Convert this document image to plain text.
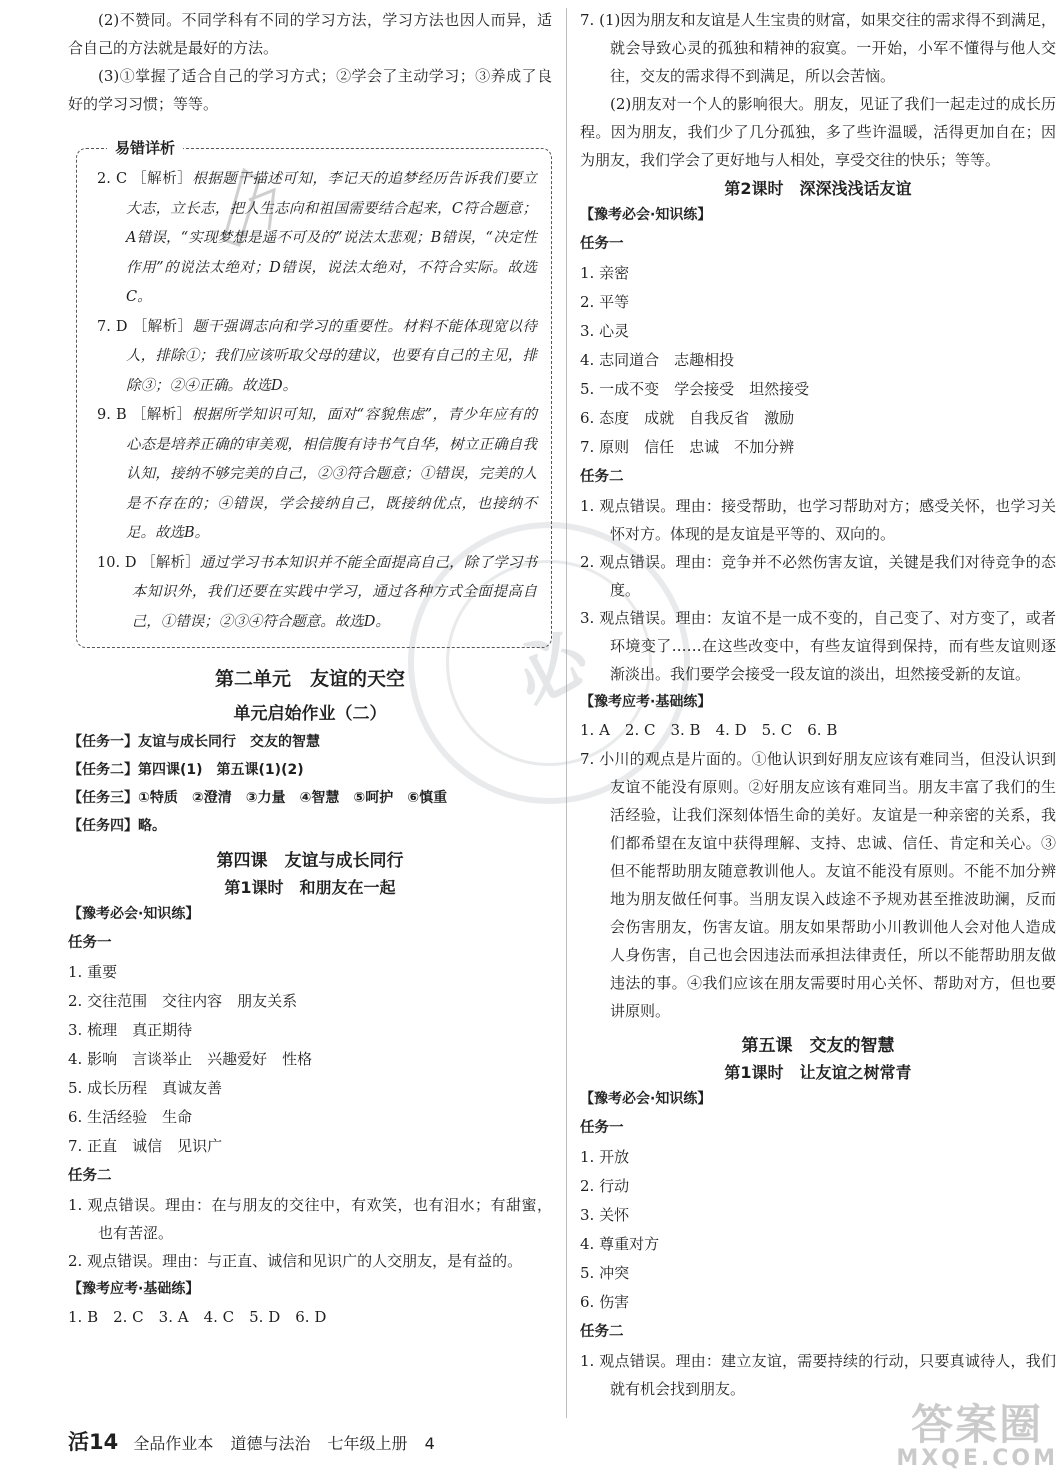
必

(2)不赞同。不同学科有不同的学习方法，学习方法也因人而异，适合自己的方法就是最好的方法。

(3)①掌握了适合自己的学习方式；②学会了主动学习；③养成了良好的学习习惯；等等。

易错详析

2. C ［解析］根据题干描述可知，李记天的追梦经历告诉我们要立大志，立长志，把人生志向和祖国需要结合起来，C符合题意；A错误，“实现梦想是遥不可及的”说法太悲观；B错误，“决定性作用”的说法太绝对；D错误，说法太绝对，不符合实际。故选C。

7. D ［解析］题干强调志向和学习的重要性。材料不能体现宽以待人，排除①；我们应该听取父母的建议，也要有自己的主见，排除③；②④正确。故选D。

9. B ［解析］根据所学知识可知，面对“容貌焦虑”，青少年应有的心态是培养正确的审美观，相信腹有诗书气自华，树立正确自我认知，接纳不够完美的自己，②③符合题意；①错误，完美的人是不存在的；④错误，学会接纳自己，既接纳优点，也接纳不足。故选B。

10. D ［解析］通过学习书本知识并不能全面提高自己，除了学习书本知识外，我们还要在实践中学习，通过各种方式全面提高自己，①错误；②③④符合题意。故选D。

第二单元　友谊的天空
单元启始作业（二）

【任务一】友谊与成长同行　交友的智慧

【任务二】第四课(1)　第五课(1)(2)

【任务三】①特质　②澄清　③力量　④智慧　⑤呵护　⑥慎重

【任务四】略。

第四课　友谊与成长同行
第1课时　和朋友在一起

【豫考必会·知识练】

任务一

1. 重要

2. 交往范围　交往内容　朋友关系

3. 梳理　真正期待

4. 影响　言谈举止　兴趣爱好　性格

5. 成长历程　真诚友善

6. 生活经验　生命

7. 正直　诚信　见识广

任务二

1. 观点错误。理由：在与朋友的交往中，有欢笑，也有泪水；有甜蜜，也有苦涩。

2. 观点错误。理由：与正直、诚信和见识广的人交朋友，是有益的。

【豫考应考·基础练】

1. B　2. C　3. A　4. C　5. D　6. D

7. (1)因为朋友和友谊是人生宝贵的财富，如果交往的需求得不到满足，就会导致心灵的孤独和精神的寂寞。一开始，小军不懂得与他人交往，交友的需求得不到满足，所以会苦恼。

(2)朋友对一个人的影响很大。朋友，见证了我们一起走过的成长历程。因为朋友，我们少了几分孤独，多了些许温暖，活得更加自在；因为朋友，我们学会了更好地与人相处，享受交往的快乐；等等。

第2课时　深深浅浅话友谊

【豫考必会·知识练】

任务一

1. 亲密

2. 平等

3. 心灵

4. 志同道合　志趣相投

5. 一成不变　学会接受　坦然接受

6. 态度　成就　自我反省　激励

7. 原则　信任　忠诚　不加分辨

任务二

1. 观点错误。理由：接受帮助，也学习帮助对方；感受关怀，也学习关怀对方。体现的是友谊是平等的、双向的。

2. 观点错误。理由：竞争并不必然伤害友谊，关键是我们对待竞争的态度。

3. 观点错误。理由：友谊不是一成不变的，自己变了、对方变了，或者环境变了……在这些改变中，有些友谊得到保持，而有些友谊则逐渐淡出。我们要学会接受一段友谊的淡出，坦然接受新的友谊。

【豫考应考·基础练】

1. A　2. C　3. B　4. D　5. C　6. B

7. 小川的观点是片面的。①他认识到好朋友应该有难同当，但没认识到友谊不能没有原则。②好朋友应该有难同当。朋友丰富了我们的生活经验，让我们深刻体悟生命的美好。友谊是一种亲密的关系，我们都希望在友谊中获得理解、支持、忠诚、信任、肯定和关心。③但不能帮助朋友随意教训他人。友谊不能没有原则。不能不加分辨地为朋友做任何事。当朋友误入歧途不予规劝甚至推波助澜，反而会伤害朋友，伤害友谊。朋友如果帮助小川教训他人会对他人造成人身伤害，自己也会因违法而承担法律责任，所以不能帮助朋友做违法的事。④我们应该在朋友需要时用心关怀、帮助对方，但也要讲原则。

第五课　交友的智慧
第1课时　让友谊之树常青

【豫考必会·知识练】

任务一

1. 开放

2. 行动

3. 关怀

4. 尊重对方

5. 冲突

6. 伤害

任务二

1. 观点错误。理由：建立友谊，需要持续的行动，只要真诚待人，我们就有机会找到朋友。

活14 全品作业本 道德与法治 七年级上册 4	答案圈
MXQE.COM
